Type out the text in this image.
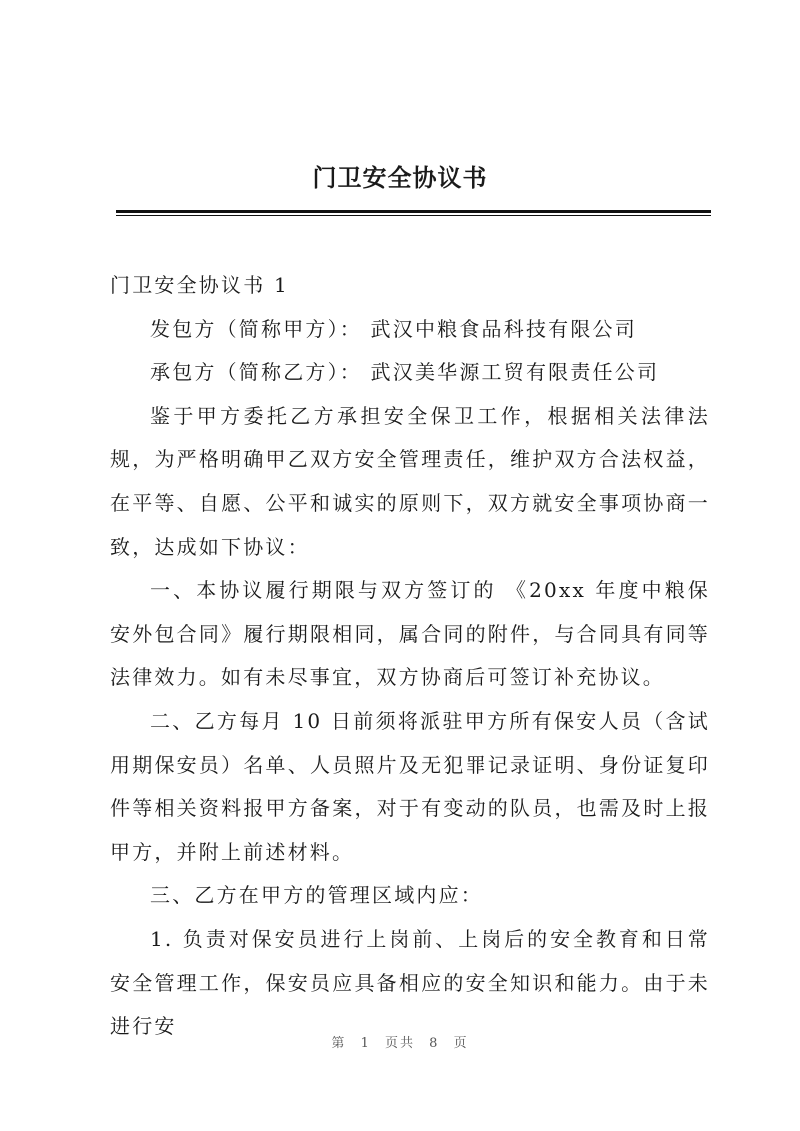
门卫安全协议书

门卫安全协议书 1

发包方（简称甲方）： 武汉中粮食品科技有限公司

承包方（简称乙方）： 武汉美华源工贸有限责任公司

鉴于甲方委托乙方承担安全保卫工作，根据相关法律法规，为严格明确甲乙双方安全管理责任，维护双方合法权益，在平等、自愿、公平和诚实的原则下，双方就安全事项协商一致，达成如下协议：

一、本协议履行期限与双方签订的 《20xx 年度中粮保安外包合同》履行期限相同，属合同的附件，与合同具有同等法律效力。如有未尽事宜，双方协商后可签订补充协议。

二、乙方每月 10 日前须将派驻甲方所有保安人员（含试用期保安员）名单、人员照片及无犯罪记录证明、身份证复印件等相关资料报甲方备案，对于有变动的队员，也需及时上报甲方，并附上前述材料。

三、乙方在甲方的管理区域内应：

1. 负责对保安员进行上岗前、上岗后的安全教育和日常安全管理工作，保安员应具备相应的安全知识和能力。由于未进行安

第 1 页共 8 页
